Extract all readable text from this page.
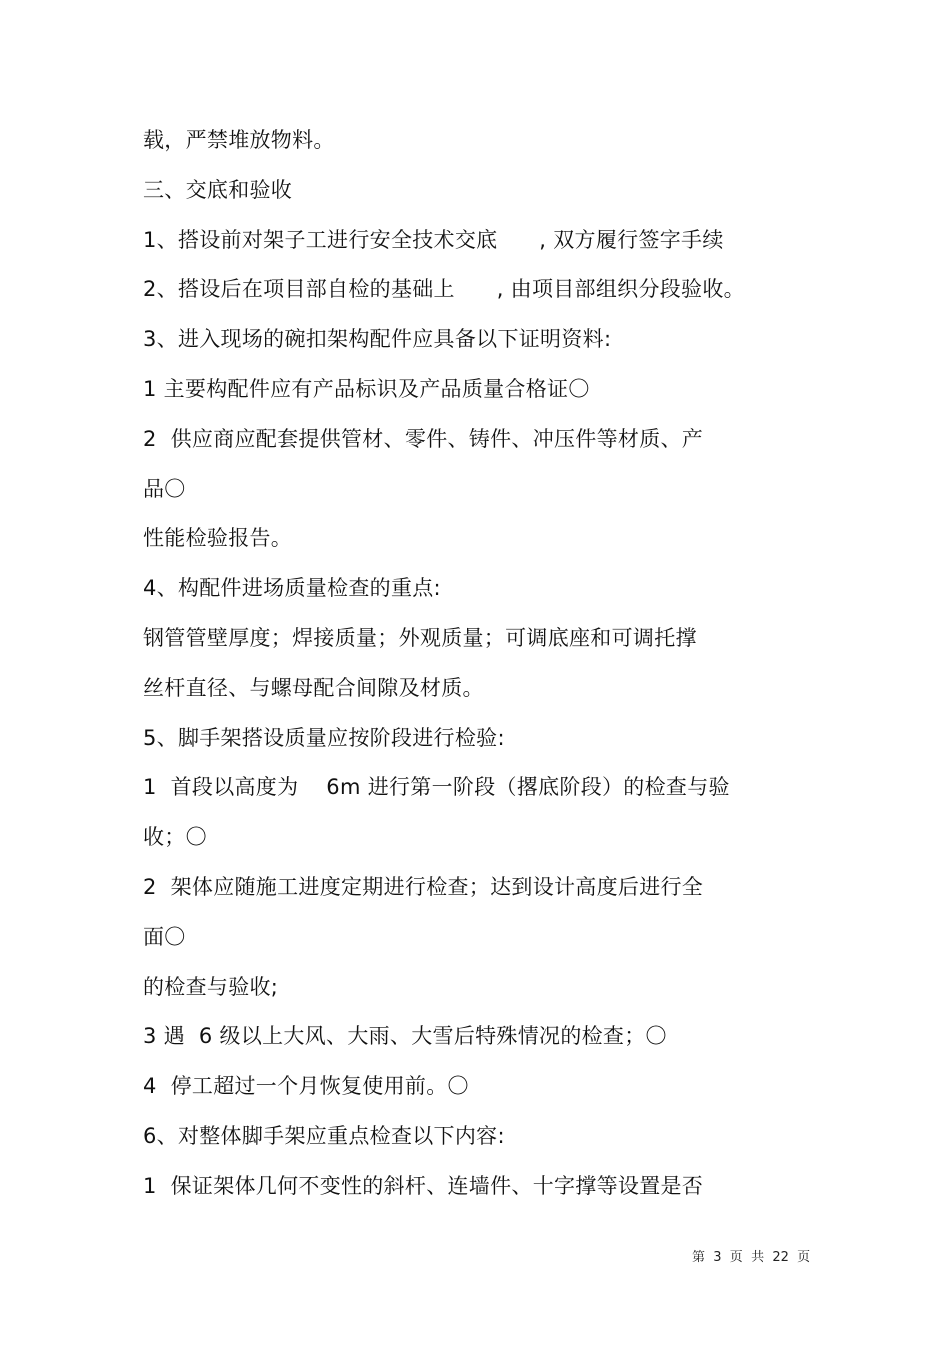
载，严禁堆放物料。
三、交底和验收
1、搭设前对架子工进行安全技术交底      , 双方履行签字手续
2、搭设后在项目部自检的基础上      , 由项目部组织分段验收。
3、进入现场的碗扣架构配件应具备以下证明资料:
1 主要构配件应有产品标识及产品质量合格证〇
2  供应商应配套提供管材、零件、铸件、冲压件等材质、产
品〇
性能检验报告。
4、构配件进场质量检查的重点:
钢管管壁厚度；焊接质量；外观质量；可调底座和可调托撑
丝杆直径、与螺母配合间隙及材质。
5、脚手架搭设质量应按阶段进行检验:
1  首段以高度为    6m 进行第一阶段（撂底阶段）的检查与验
收；〇
2  架体应随施工进度定期进行检查；达到设计高度后进行全
面〇
的检查与验收;
3 遇  6 级以上大风、大雨、大雪后特殊情况的检查；〇
4  停工超过一个月恢复使用前。〇
6、对整体脚手架应重点检查以下内容:
1  保证架体几何不变性的斜杆、连墙件、十字撑等设置是否
第  3  页  共  22  页
